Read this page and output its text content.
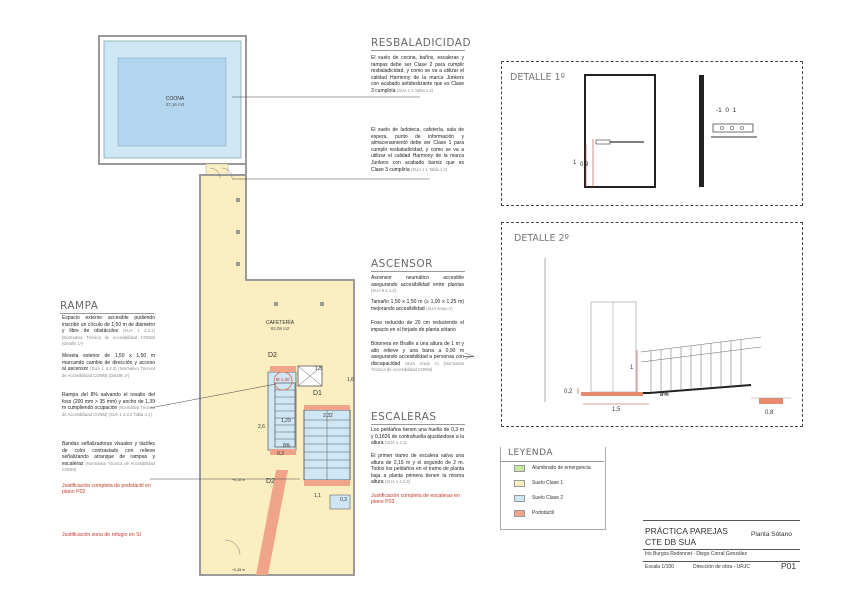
COONA
37,16 m2
CAFETERÍA
83,08 m2
D2
D1
D2
1,5
1,6
2,6
2,32
1,29
8%
0,3
0,3
1,1
Ø 1,20
+0,10 m
+0,28 m
RESBALADICIDAD
El suelo de cocina, baños, escaleras y rampas debe ser Clase 2 para cumplir resbaladicidad, y como se va a utilizar el calidad Harmony de la marca Junkers con acabado antideslizante que es Clase 3 cumpliría (SUA 1 1 Tabla 1.2)
El suelo de ludoteca, cafetería, sala de espera, punto de información y almacenamiento debe ser Clase 1 para cumplir resbaladicidad, y como se va a utilizar el calidad Harmony de la marca Junkers con acabado barniz que es Clase 3 cumpliría (SUA 1 1 Tabla 1.2)
ASCENSOR
Ascensor neumático accesible asegurando accesibilidad entre plantas (SUA 9 1 1.2)
Tamaño 1,50 x 1,50 m (≥ 1,00 x 1,25 m) mejorando accesibilidad (SUA Anejo A)
Foso reducido de 20 cm reduciendo el impacto en el forjado de planta sótano
Botonera en Braille a una altura de 1 m y alto relieve y una barra a 0,90 m asegurando accesibilidad a personas con discapacidad (SUA Anejo A) (Normativa Técnica de Accesibilidad CONM)
ESCALERAS
Los peldaños tienen una huella de 0,3 m y 0,1826 de contrahuella ajustándose a la altura (SUA 1 4.1)
El primer tramo de escalera salva una altura de 2,19 m y el segundo de 2 m. Todos los peldaños en el tramo de planta baja a planta primera tienen la misma altura (SUA 1 4.2.2)
Justificación completa de escaleras en plano P03
RAMPA
Espacio exterior accesible pudiendo inscribir un círculo de 1,50 m de diámetro y libre de obstáculos (SUA 1 4.2.1) (Normativa Técnica de Accesibilidad CONM) (Detalle 1º)
Meseta exterior de 1,50 x 1,50 m marcando cambio de dirección y acceso al ascensor (SUA 1 4.2.3) (Normativa Técnica de Accesibilidad CONM) (Detalle 1º)
Rampa del 8% salvando el resalto del foso (200 mm > 35 mm) y ancho de 1,39 m cumpliendo ocupación (Normativa Técnica de Accesibilidad CONM) (SUA 1 4.3.2 Tabla 4.1)
Bandas señalizadoras visuales y táctiles de color contrastado con relieve señalizando arranque de rampas y escaleras (Normativa Técnica de Accesibilidad CONM)
Justificación completa de podotáctil en plano P02
Justificación zona de refugio en SI
DETALLE 1º
1 0,9
-1  0  1
DETALLE 2º
1
0,2
1,5
8%
0,8
LEYENDA
Alumbrado de emergencia
Suelo Clase 1
Suelo Clase 2
Podotáctil
PRÁCTICA PAREJAS
CTE DB SUA
Planta Sótano
Iris Burgos Redonnet - Diego Corral González
Escala 1/100	Dirección de obra - URJC	P01
